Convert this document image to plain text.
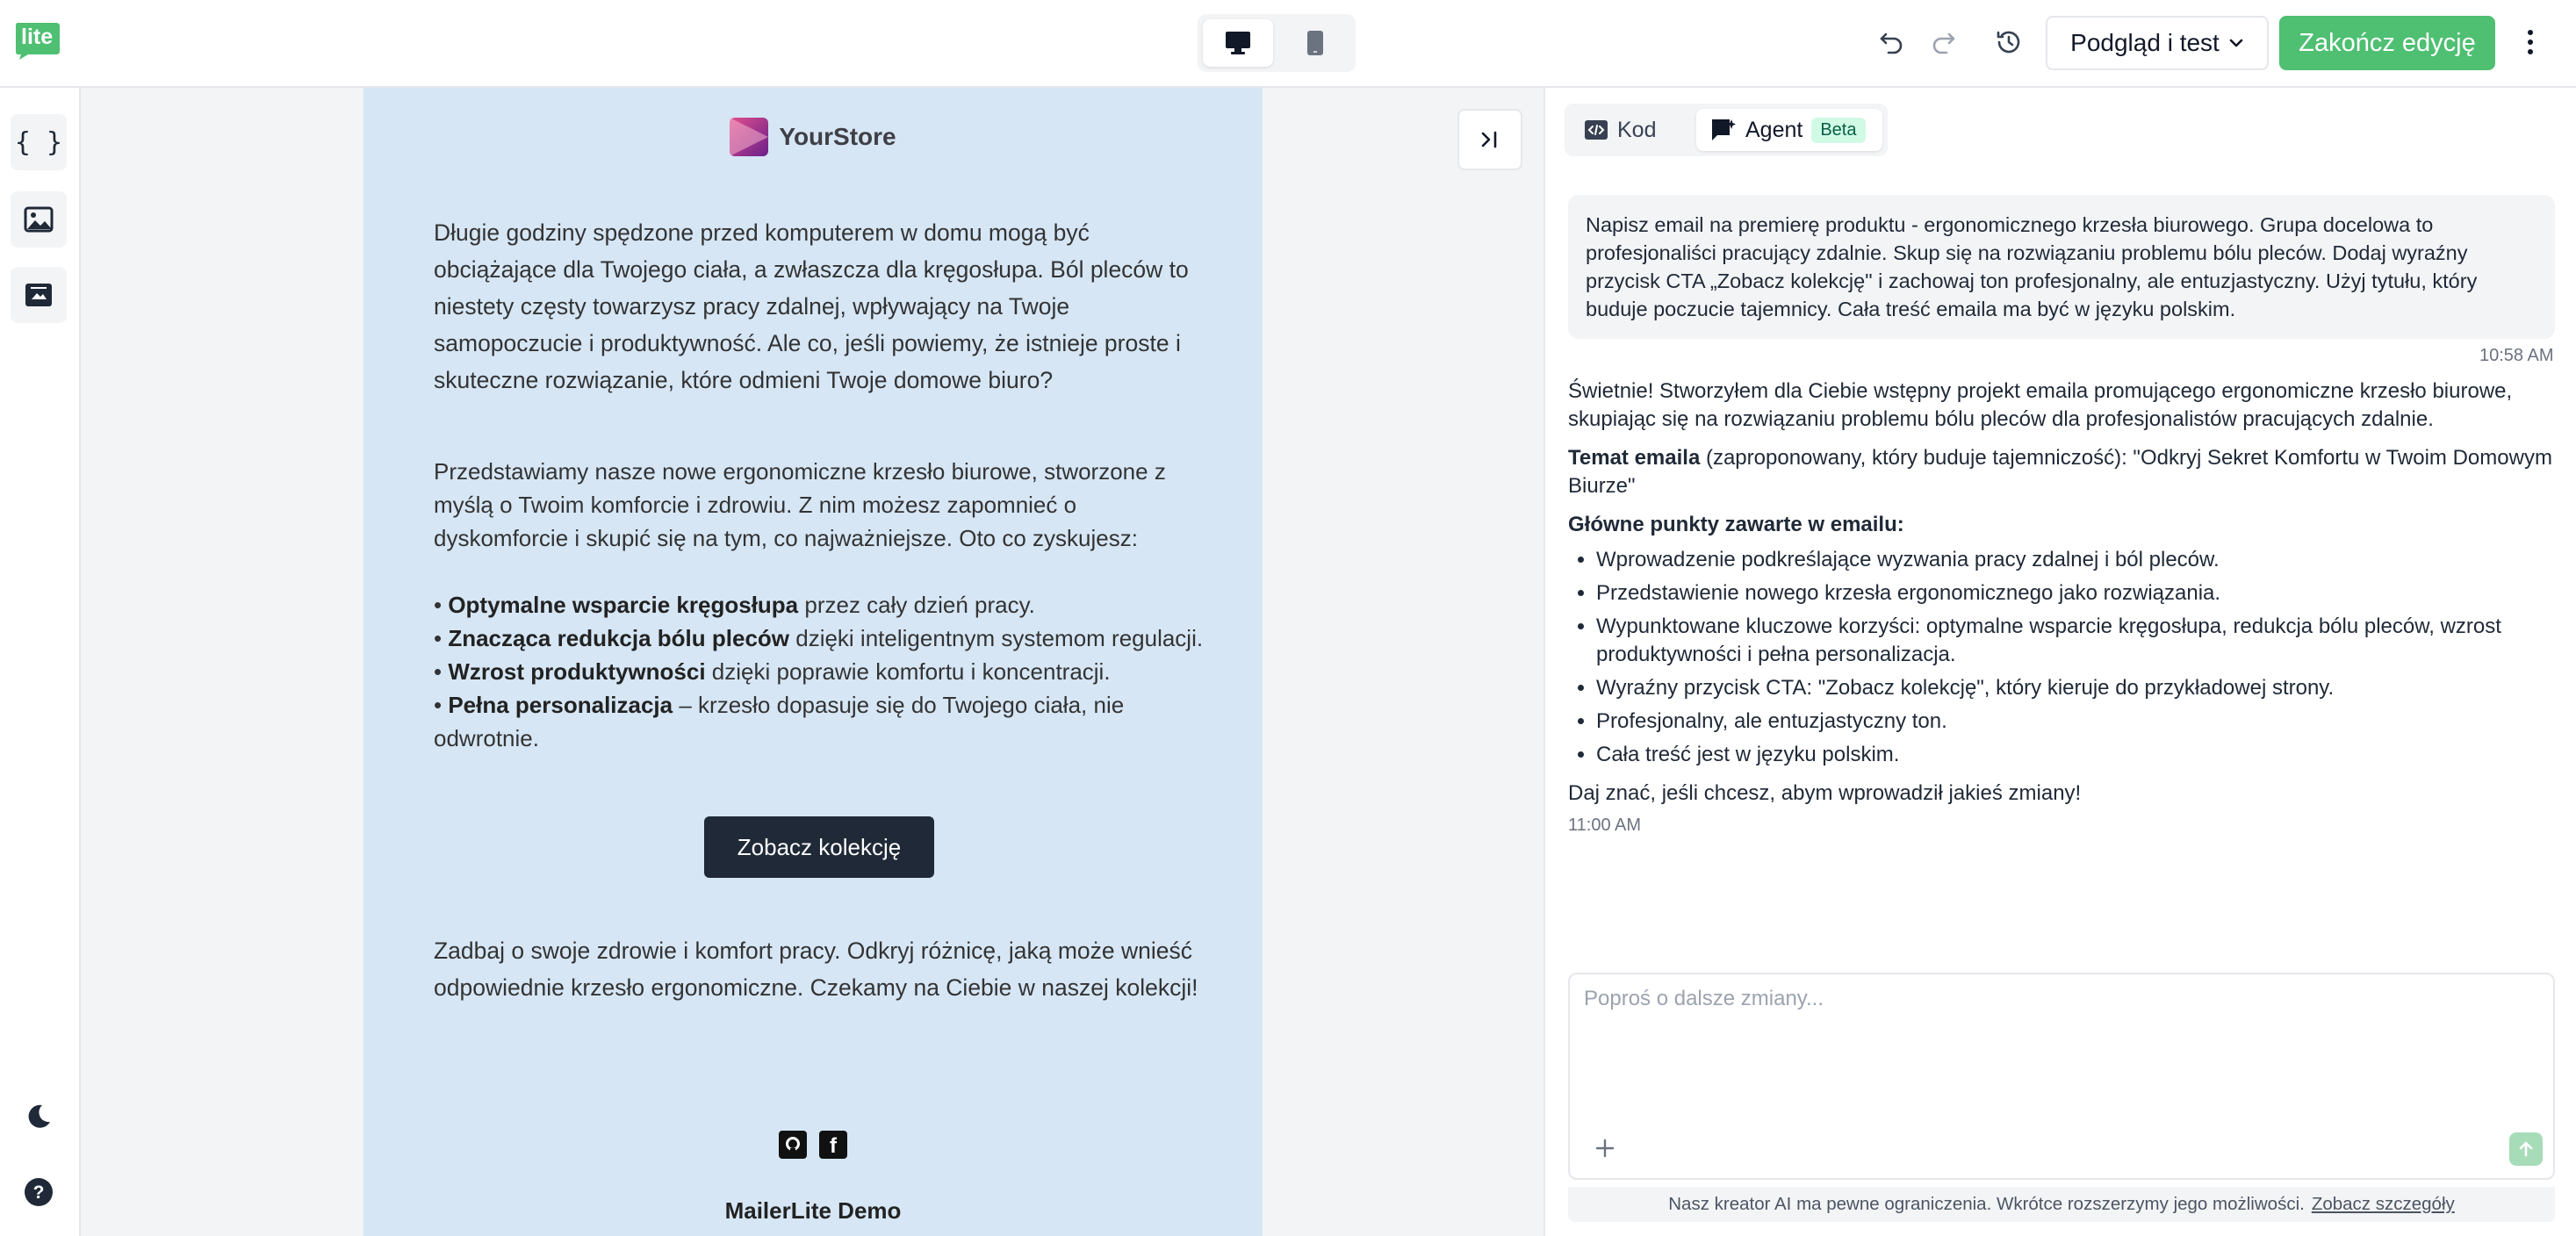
lite	Podgląd i test	Zakończ edycję
{ }
?
YourStore

Długie godziny spędzone przed komputerem w domu mogą być obciążające dla Twojego ciała, a zwłaszcza dla kręgosłupa. Ból pleców to niestety częsty towarzysz pracy zdalnej, wpływający na Twoje samopoczucie i produktywność. Ale co, jeśli powiemy, że istnieje proste i skuteczne rozwiązanie, które odmieni Twoje domowe biuro?

Przedstawiamy nasze nowe ergonomiczne krzesło biurowe, stworzone z myślą o Twoim komforcie i zdrowiu. Z nim możesz zapomnieć o dyskomforcie i skupić się na tym, co najważniejsze. Oto co zyskujesz:
• Optymalne wsparcie kręgosłupa przez cały dzień pracy.
• Znacząca redukcja bólu pleców dzięki inteligentnym systemom regulacji.
• Wzrost produktywności dzięki poprawie komfortu i koncentracji.
• Pełna personalizacja – krzesło dopasuje się do Twojego ciała, nie odwrotnie.
Zobacz kolekcję

Zadbaj o swoje zdrowie i komfort pracy. Odkryj różnicę, jaką może wnieść odpowiednie krzesło ergonomiczne. Czekamy na Ciebie w naszej kolekcji!

f
MailerLite Demo
Kod	Agent	Beta
Napisz email na premierę produktu - ergonomicznego krzesła biurowego. Grupa docelowa to profesjonaliści pracujący zdalnie. Skup się na rozwiązaniu problemu bólu pleców. Dodaj wyraźny przycisk CTA „Zobacz kolekcję" i zachowaj ton profesjonalny, ale entuzjastyczny. Użyj tytułu, który buduje poczucie tajemnicy. Cała treść emaila ma być w języku polskim.
10:58 AM

Świetnie! Stworzyłem dla Ciebie wstępny projekt emaila promującego ergonomiczne krzesło biurowe, skupiając się na rozwiązaniu problemu bólu pleców dla profesjonalistów pracujących zdalnie.

Temat emaila (zaproponowany, który buduje tajemniczość): "Odkryj Sekret Komfortu w Twoim Domowym Biurze"

Główne punkty zawarte w emailu:

• Wprowadzenie podkreślające wyzwania pracy zdalnej i ból pleców.
• Przedstawienie nowego krzesła ergonomicznego jako rozwiązania.
• Wypunktowane kluczowe korzyści: optymalne wsparcie kręgosłupa, redukcja bólu pleców, wzrost produktywności i pełna personalizacja.
• Wyraźny przycisk CTA: "Zobacz kolekcję", który kieruje do przykładowej strony.
• Profesjonalny, ale entuzjastyczny ton.
• Cała treść jest w języku polskim.

Daj znać, jeśli chcesz, abym wprowadził jakieś zmiany!

11:00 AM
Poproś o dalsze zmiany...
Nasz kreator AI ma pewne ograniczenia. Wkrótce rozszerzymy jego możliwości. Zobacz szczegóły
